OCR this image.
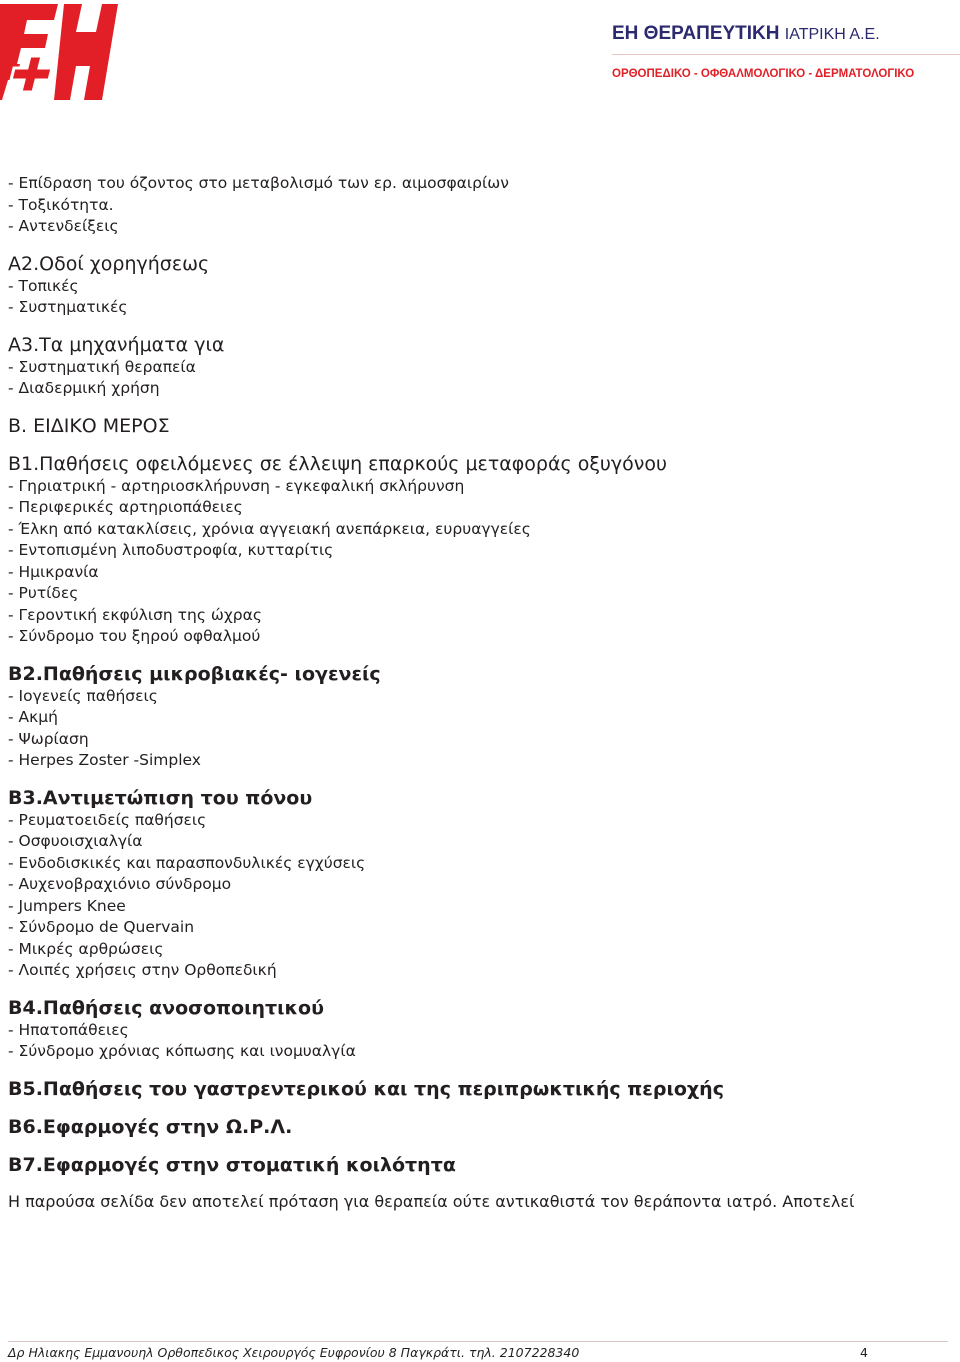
ΕΗ ΘΕΡΑΠΕΥΤΙΚΗ ΙΑΤΡΙΚΗ Α.Ε.
ΟΡΘΟΠΕΔΙΚΟ - ΟΦΘΑΛΜΟΛΟΓΙΚΟ - ΔΕΡΜΑΤΟΛΟΓΙΚΟ
- Επίδραση του όζοντος στο μεταβολισμό των ερ. αιμοσφαιρίων
- Τοξικότητα.
- Αντενδείξεις
Α2.Οδοί χορηγήσεως
- Τοπικές
- Συστηματικές
Α3.Τα μηχανήματα για
- Συστηματική θεραπεία
- Διαδερμική χρήση
Β. ΕΙΔΙΚΟ ΜΕΡΟΣ
Β1.Παθήσεις οφειλόμενες σε έλλειψη επαρκούς μεταφοράς οξυγόνου
- Γηριατρική - αρτηριοσκλήρυνση - εγκεφαλική σκλήρυνση
- Περιφερικές αρτηριοπάθειες
- Έλκη από κατακλίσεις, χρόνια αγγειακή ανεπάρκεια, ευρυαγγείες
- Εντοπισμένη λιποδυστροφία, κυτταρίτις
- Ημικρανία
- Ρυτίδες
- Γεροντική εκφύλιση της ώχρας
- Σύνδρομο του ξηρού οφθαλμού
Β2.Παθήσεις μικροβιακές- ιογενείς
- Ιογενείς παθήσεις
- Ακμή
- Ψωρίαση
- Herpes Zoster -Simplex
Β3.Αντιμετώπιση του πόνου
- Ρευματοειδείς παθήσεις
- Οσφυοισχιαλγία
- Ενδοδισκικές και παρασπονδυλικές εγχύσεις
- Αυχενοβραχιόνιο σύνδρομο
- Jumpers Knee
- Σύνδρομο de Quervain
- Μικρές αρθρώσεις
- Λοιπές χρήσεις στην Ορθοπεδική
Β4.Παθήσεις ανοσοποιητικού
- Ηπατοπάθειες
- Σύνδρομο χρόνιας κόπωσης και ινομυαλγία
Β5.Παθήσεις του γαστρεντερικού και της περιπρωκτικής περιοχής
Β6.Εφαρμογές στην Ω.Ρ.Λ.
Β7.Εφαρμογές στην στοματική κοιλότητα
Η παρούσα σελίδα δεν αποτελεί πρόταση για θεραπεία ούτε αντικαθιστά τον θεράποντα ιατρό. Αποτελεί
Δρ Ηλιακης Εμμανουηλ Ορθοπεδικος Χειρουργός Ευφρονίου 8 Παγκράτι. τηλ. 2107228340	4
